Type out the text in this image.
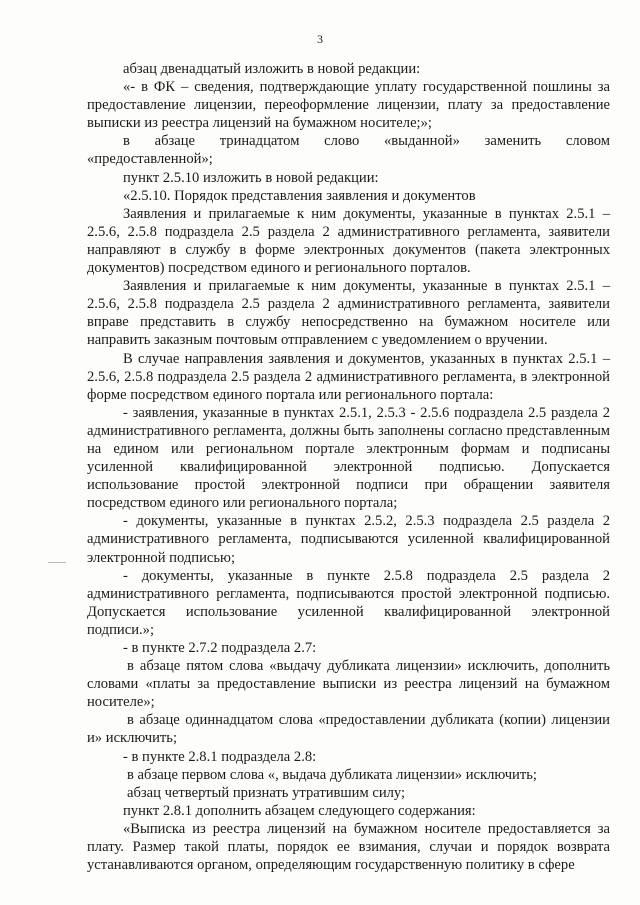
3

абзац двенадцатый изложить в новой редакции:

«- в ФК – сведения, подтверждающие уплату государственной пошлины за предоставление лицензии, переоформление лицензии, плату за предоставление выписки из реестра лицензий на бумажном носителе;»;

в абзаце тринадцатом слово «выданной» заменить словом «предоставленной»;

пункт 2.5.10 изложить в новой редакции:

«2.5.10. Порядок представления заявления и документов

Заявления и прилагаемые к ним документы, указанные в пунктах 2.5.1 – 2.5.6, 2.5.8 подраздела 2.5 раздела 2 административного регламента, заявители направляют в службу в форме электронных документов (пакета электронных документов) посредством единого и регионального порталов.

Заявления и прилагаемые к ним документы, указанные в пунктах 2.5.1 – 2.5.6, 2.5.8 подраздела 2.5 раздела 2 административного регламента, заявители вправе представить в службу непосредственно на бумажном носителе или направить заказным почтовым отправлением с уведомлением о вручении.

В случае направления заявления и документов, указанных в пунктах 2.5.1 – 2.5.6, 2.5.8 подраздела 2.5 раздела 2 административного регламента, в электронной форме посредством единого портала или регионального портала:

- заявления, указанные в пунктах 2.5.1, 2.5.3 - 2.5.6 подраздела 2.5 раздела 2 административного регламента, должны быть заполнены согласно представленным на едином или региональном портале электронным формам и подписаны усиленной квалифицированной электронной подписью. Допускается использование простой электронной подписи при обращении заявителя посредством единого или регионального портала;

- документы, указанные в пунктах 2.5.2, 2.5.3 подраздела 2.5 раздела 2 административного регламента, подписываются усиленной квалифицированной электронной подписью;

- документы, указанные в пункте 2.5.8 подраздела 2.5 раздела 2 административного регламента, подписываются простой электронной подписью. Допускается использование усиленной квалифицированной электронной подписи.»;

- в пункте 2.7.2 подраздела 2.7:

в абзаце пятом слова «выдачу дубликата лицензии» исключить, дополнить словами «платы за предоставление выписки из реестра лицензий на бумажном носителе»;

в абзаце одиннадцатом слова «предоставлении дубликата (копии) лицензии и» исключить;

- в пункте 2.8.1 подраздела 2.8:

в абзаце первом слова «, выдача дубликата лицензии» исключить;

абзац четвертый признать утратившим силу;

пункт 2.8.1 дополнить абзацем следующего содержания:

«Выписка из реестра лицензий на бумажном носителе предоставляется за плату. Размер такой платы, порядок ее взимания, случаи и порядок возврата устанавливаются органом, определяющим государственную политику в сфере
